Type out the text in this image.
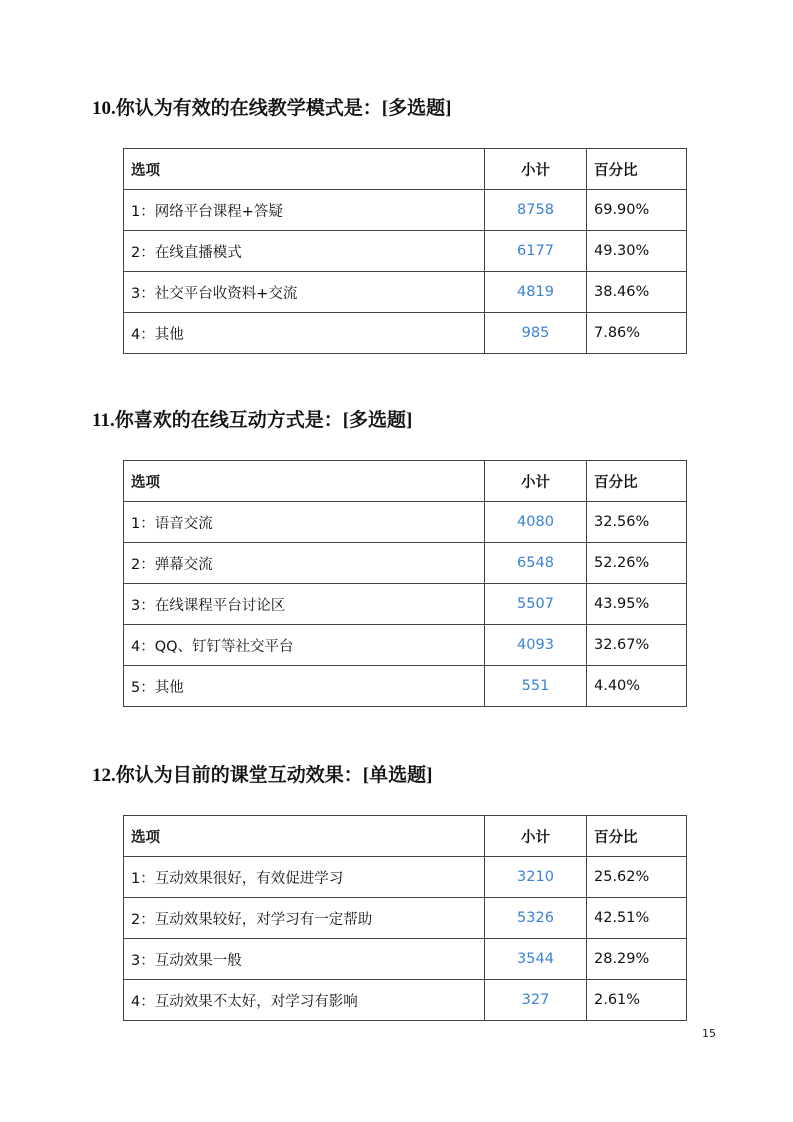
10.你认为有效的在线教学模式是：[多选题]
选项	小计	百分比
1：网络平台课程+答疑	8758	69.90%
2：在线直播模式	6177	49.30%
3：社交平台收资料+交流	4819	38.46%
4：其他	985	7.86%
11.你喜欢的在线互动方式是：[多选题]
选项	小计	百分比
1：语音交流	4080	32.56%
2：弹幕交流	6548	52.26%
3：在线课程平台讨论区	5507	43.95%
4：QQ、钉钉等社交平台	4093	32.67%
5：其他	551	4.40%
12.你认为目前的课堂互动效果：[单选题]
选项	小计	百分比
1：互动效果很好，有效促进学习	3210	25.62%
2：互动效果较好，对学习有一定帮助	5326	42.51%
3：互动效果一般	3544	28.29%
4：互动效果不太好，对学习有影响	327	2.61%
15
